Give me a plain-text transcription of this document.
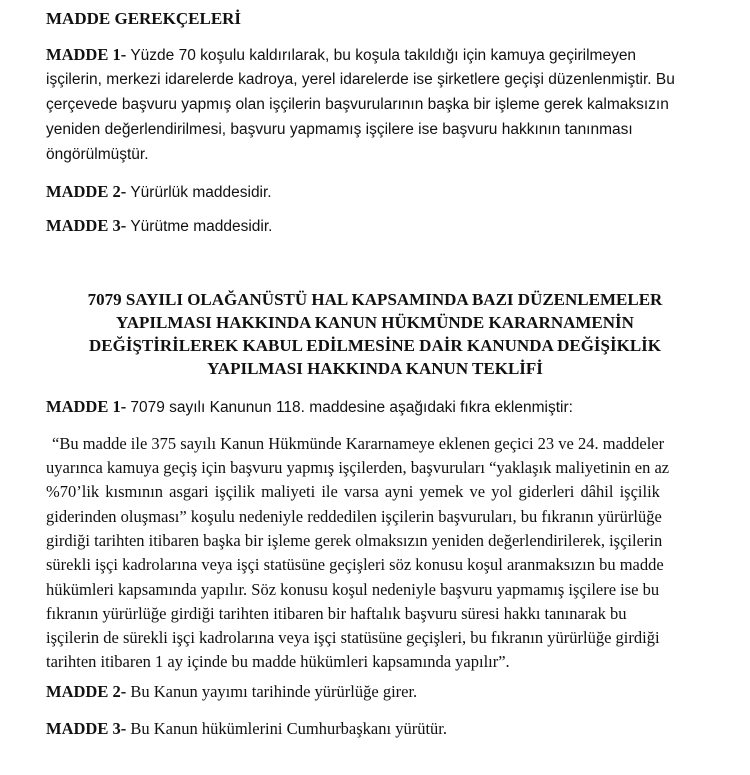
MADDE GEREKÇELERİ
MADDE 1- Yüzde 70 koşulu kaldırılarak, bu koşula takıldığı için kamuya geçirilmeyen
işçilerin, merkezi idarelerde kadroya, yerel idarelerde ise şirketlere geçişi düzenlenmiştir. Bu
çerçevede başvuru yapmış olan işçilerin başvurularının başka bir işleme gerek kalmaksızın
yeniden değerlendirilmesi, başvuru yapmamış işçilere ise başvuru hakkının tanınması
öngörülmüştür.
MADDE 2- Yürürlük maddesidir.
MADDE 3- Yürütme maddesidir.
7079 SAYILI OLAĞANÜSTÜ HAL KAPSAMINDA BAZI DÜZENLEMELER
YAPILMASI HAKKINDA KANUN HÜKMÜNDE KARARNAMENİN
DEĞİŞTİRİLEREK KABUL EDİLMESİNE DAİR KANUNDA DEĞİŞİKLİK
YAPILMASI HAKKINDA KANUN TEKLİFİ
MADDE 1- 7079 sayılı Kanunun 118. maddesine aşağıdaki fıkra eklenmiştir:
“Bu madde ile 375 sayılı Kanun Hükmünde Kararnameye eklenen geçici 23 ve 24. maddeler
uyarınca kamuya geçiş için başvuru yapmış işçilerden, başvuruları “yaklaşık maliyetinin en az
%70’lik kısmının asgari işçilik maliyeti ile varsa ayni yemek ve yol giderleri dâhil işçilik
giderinden oluşması” koşulu nedeniyle reddedilen işçilerin başvuruları, bu fıkranın yürürlüğe
girdiği tarihten itibaren başka bir işleme gerek olmaksızın yeniden değerlendirilerek, işçilerin
sürekli işçi kadrolarına veya işçi statüsüne geçişleri söz konusu koşul aranmaksızın bu madde
hükümleri kapsamında yapılır. Söz konusu koşul nedeniyle başvuru yapmamış işçilere ise bu
fıkranın yürürlüğe girdiği tarihten itibaren bir haftalık başvuru süresi hakkı tanınarak bu
işçilerin de sürekli işçi kadrolarına veya işçi statüsüne geçişleri, bu fıkranın yürürlüğe girdiği
tarihten itibaren 1 ay içinde bu madde hükümleri kapsamında yapılır”.
MADDE 2- Bu Kanun yayımı tarihinde yürürlüğe girer.
MADDE 3- Bu Kanun hükümlerini Cumhurbaşkanı yürütür.
